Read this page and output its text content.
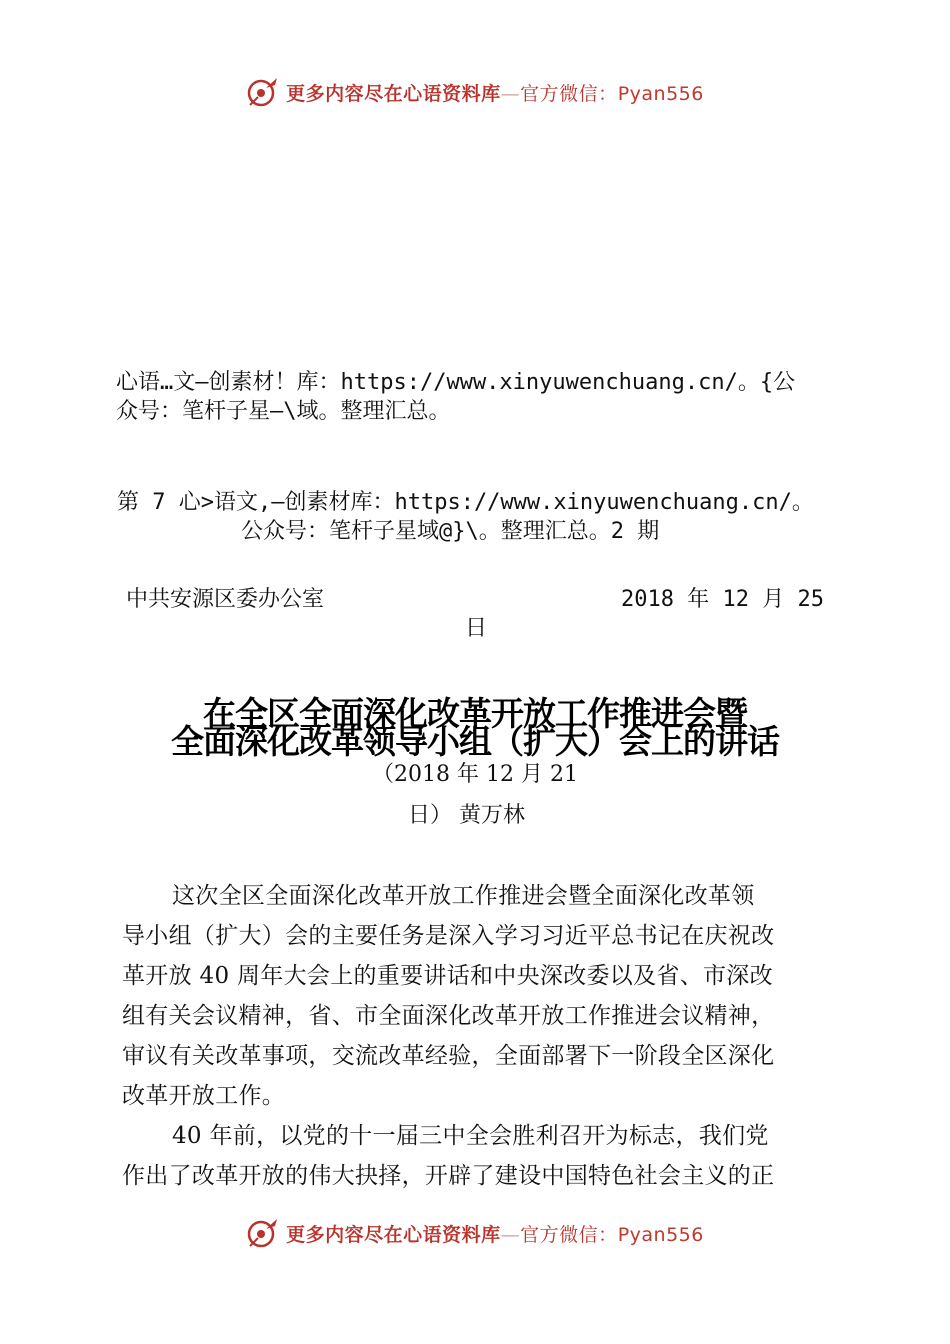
更多内容尽在心语资料库—官方微信：Pyan556
心语…文—创素材！库：https://www.xinyuwenchuang.cn/。{公
众号：笔杆子星—\域。整理汇总。
第 7 心>语文,—创素材库：https://www.xinyuwenchuang.cn/。
公众号：笔杆子星域@}\。整理汇总。2 期
中共安源区委办公室	2018 年 12 月 25
日
在全区全面深化改革开放工作推进会暨
全面深化改革领导小组（扩大）会上的讲话
（2018 年 12 月 21
日） 黄万林
这次全区全面深化改革开放工作推进会暨全面深化改革领
导小组（扩大）会的主要任务是深入学习习近平总书记在庆祝改
革开放 40 周年大会上的重要讲话和中央深改委以及省、市深改
组有关会议精神，省、市全面深化改革开放工作推进会议精神，
审议有关改革事项，交流改革经验，全面部署下一阶段全区深化
改革开放工作。
40 年前，以党的十一届三中全会胜利召开为标志，我们党
作出了改革开放的伟大抉择，开辟了建设中国特色社会主义的正
更多内容尽在心语资料库—官方微信：Pyan556
